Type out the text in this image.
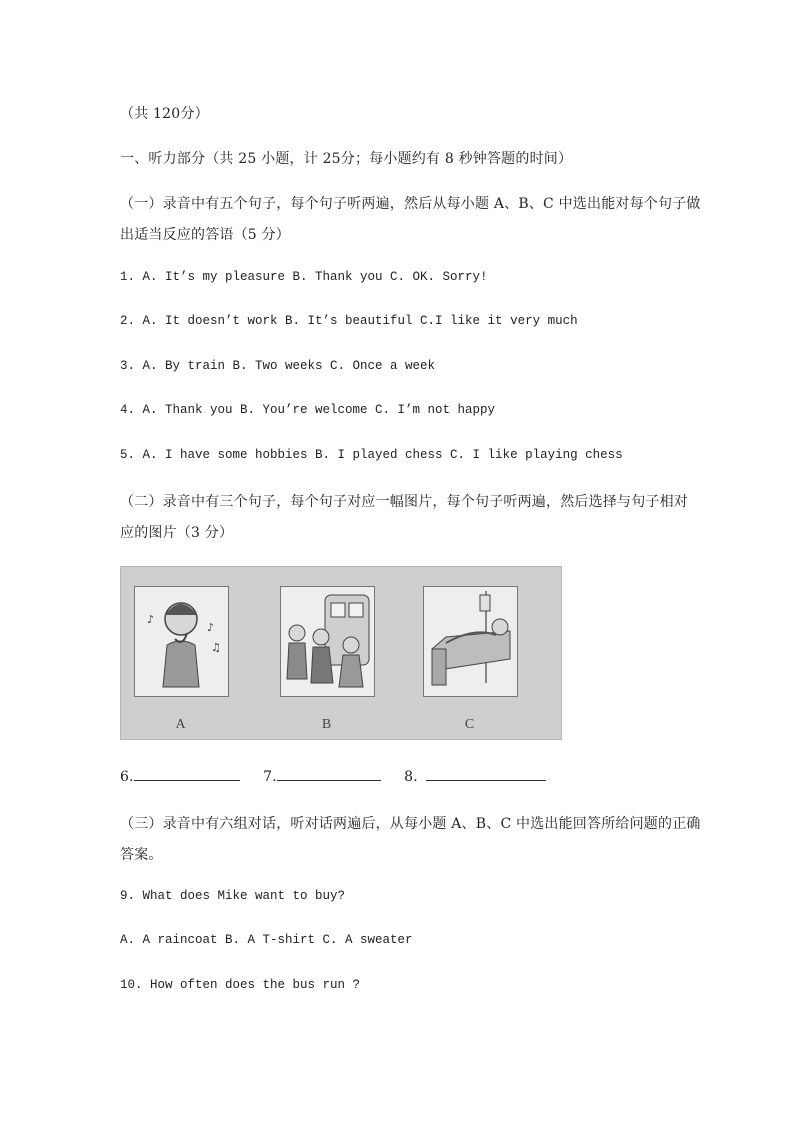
（共 120分）
一、听力部分（共 25 小题，计 25分；每小题约有 8 秒钟答题的时间）
（一）录音中有五个句子，每个句子听两遍，然后从每小题 A、B、C 中选出能对每个句子做
出适当反应的答语（5 分）
1. A. It’s my pleasure B. Thank you C. OK. Sorry!
2. A. It doesn’t work B. It’s beautiful C.I like it very much
3. A. By train B. Two weeks C. Once a week
4. A. Thank you B. You’re welcome C. I’m not happy
5. A. I have some hobbies B. I played chess C. I like playing chess
（二）录音中有三个句子，每个句子对应一幅图片，每个句子听两遍，然后选择与句子相对
应的图片（3 分）
♪
♪
♫
A	B	C
6.	7.	8.
（三）录音中有六组对话，听对话两遍后，从每小题 A、B、C 中选出能回答所给问题的正确
答案。
9. What does Mike want to buy?
A. A raincoat B. A T-shirt C. A sweater
10. How often does the bus run ?
